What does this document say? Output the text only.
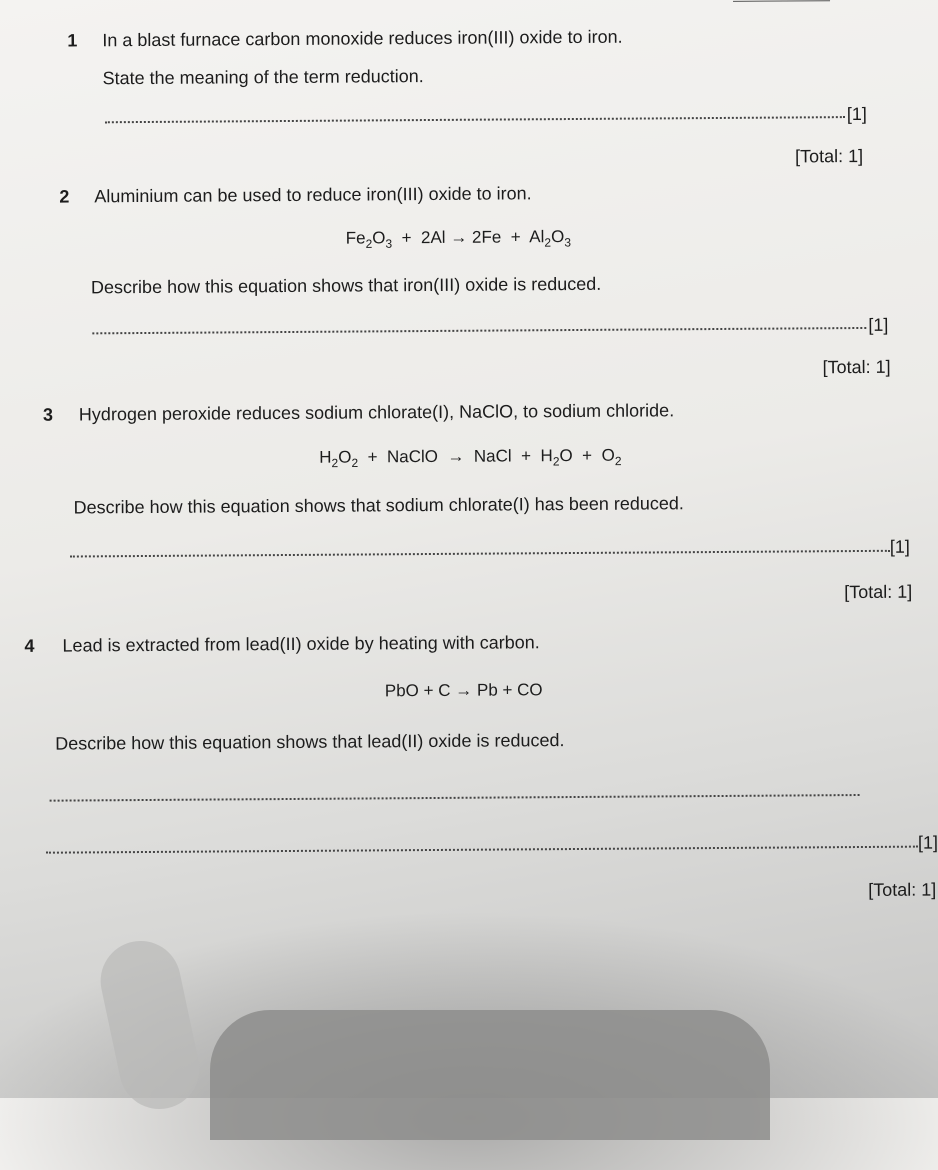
1 In a blast furnace carbon monoxide reduces iron(III) oxide to iron.
State the meaning of the term reduction.
[1]
[Total: 1]
2 Aluminium can be used to reduce iron(III) oxide to iron.
$Fe_2O_3 + 2Al \to 2Fe + Al_2O_3$
Describe how this equation shows that iron(III) oxide is reduced.
[1]
[Total: 1]
3 Hydrogen peroxide reduces sodium chlorate(I), NaClO, to sodium chloride.
$H_2O_2$ + NaClO → NaCl + $H_2O + O_2$
Describe how this equation shows that sodium chlorate(I) has been reduced.
[1]
[Total: 1]
4 Lead is extracted from lead(II) oxide by heating with carbon.
PbO + C → Pb + CO
Describe how this equation shows that lead(II) oxide is reduced.
[1]
[Total: 1]
